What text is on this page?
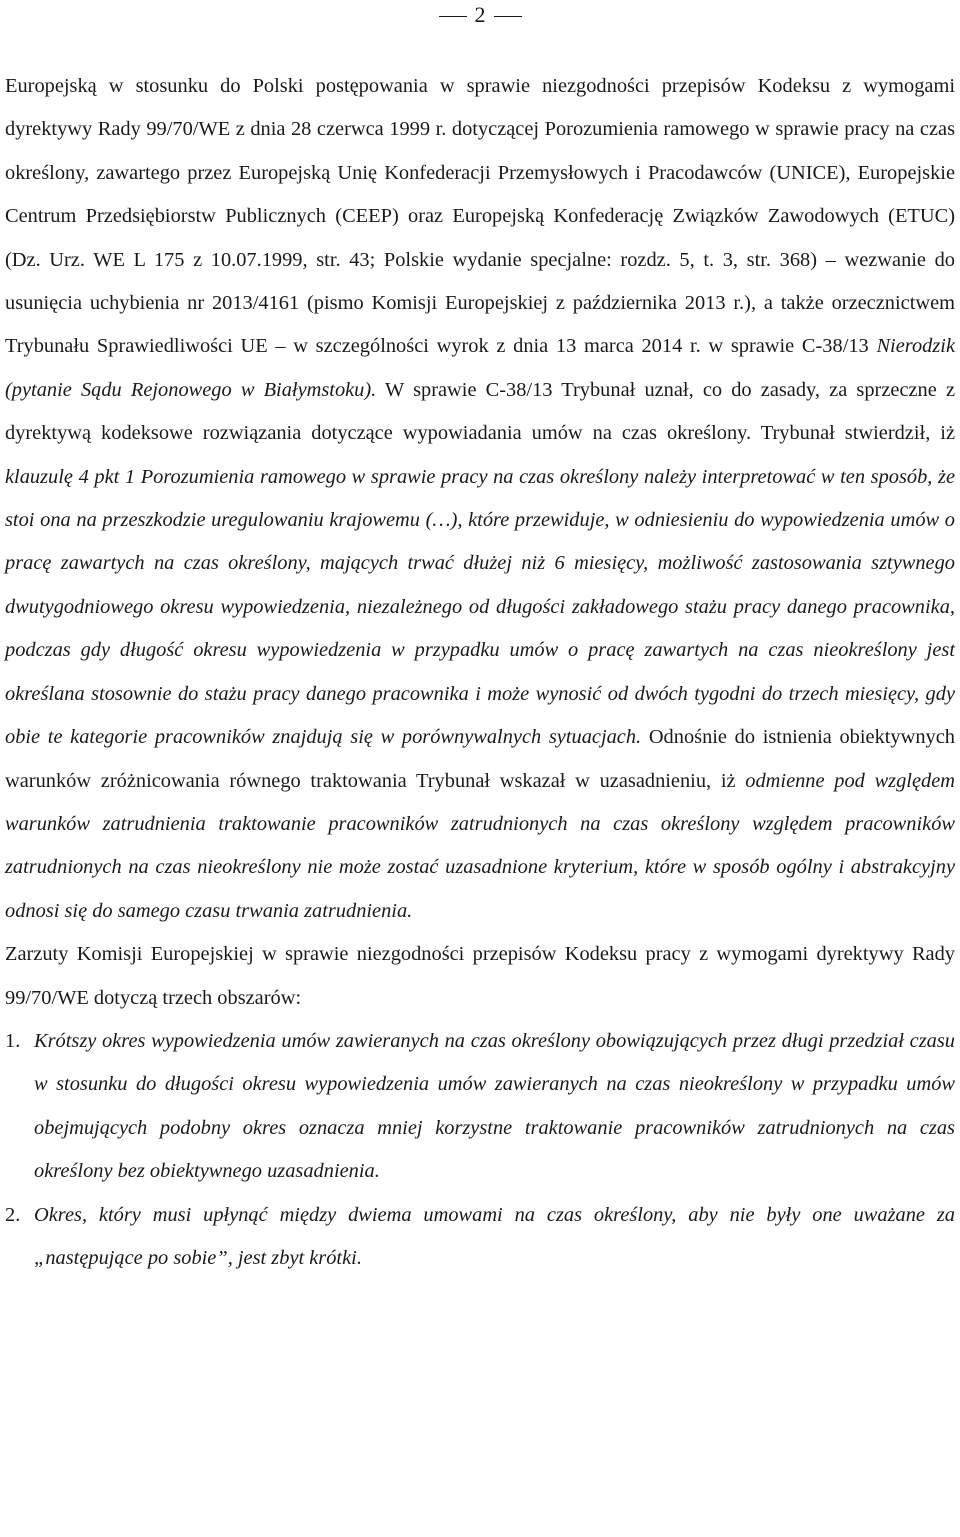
2

Europejską w stosunku do Polski postępowania w sprawie niezgodności przepisów Kodeksu z wymogami dyrektywy Rady 99/70/WE z dnia 28 czerwca 1999 r. dotyczącej Porozumienia ramowego w sprawie pracy na czas określony, zawartego przez Europejską Unię Konfederacji Przemysłowych i Pracodawców (UNICE), Europejskie Centrum Przedsiębiorstw Publicznych (CEEP) oraz Europejską Konfederację Związków Zawodowych (ETUC) (Dz. Urz. WE L 175 z 10.07.1999, str. 43; Polskie wydanie specjalne: rozdz. 5, t. 3, str. 368) – wezwanie do usunięcia uchybienia nr 2013/4161 (pismo Komisji Europejskiej z października 2013 r.), a także orzecznictwem Trybunału Sprawiedliwości UE – w szczególności wyrok z dnia 13 marca 2014 r. w sprawie C-38/13 Nierodzik (pytanie Sądu Rejonowego w Białymstoku). W sprawie C-38/13 Trybunał uznał, co do zasady, za sprzeczne z dyrektywą kodeksowe rozwiązania dotyczące wypowiadania umów na czas określony. Trybunał stwierdził, iż klauzulę 4 pkt 1 Porozumienia ramowego w sprawie pracy na czas określony należy interpretować w ten sposób, że stoi ona na przeszkodzie uregulowaniu krajowemu (…), które przewiduje, w odniesieniu do wypowiedzenia umów o pracę zawartych na czas określony, mających trwać dłużej niż 6 miesięcy, możliwość zastosowania sztywnego dwutygodniowego okresu wypowiedzenia, niezależnego od długości zakładowego stażu pracy danego pracownika, podczas gdy długość okresu wypowiedzenia w przypadku umów o pracę zawartych na czas nieokreślony jest określana stosownie do stażu pracy danego pracownika i może wynosić od dwóch tygodni do trzech miesięcy, gdy obie te kategorie pracowników znajdują się w porównywalnych sytuacjach. Odnośnie do istnienia obiektywnych warunków zróżnicowania równego traktowania Trybunał wskazał w uzasadnieniu, iż odmienne pod względem warunków zatrudnienia traktowanie pracowników zatrudnionych na czas określony względem pracowników zatrudnionych na czas nieokreślony nie może zostać uzasadnione kryterium, które w sposób ogólny i abstrakcyjny odnosi się do samego czasu trwania zatrudnienia.

Zarzuty Komisji Europejskiej w sprawie niezgodności przepisów Kodeksu pracy z wymogami dyrektywy Rady 99/70/WE dotyczą trzech obszarów:

1. Krótszy okres wypowiedzenia umów zawieranych na czas określony obowiązujących przez długi przedział czasu w stosunku do długości okresu wypowiedzenia umów zawieranych na czas nieokreślony w przypadku umów obejmujących podobny okres oznacza mniej korzystne traktowanie pracowników zatrudnionych na czas określony bez obiektywnego uzasadnienia.
2. Okres, który musi upłynąć między dwiema umowami na czas określony, aby nie były one uważane za „następujące po sobie”, jest zbyt krótki.
